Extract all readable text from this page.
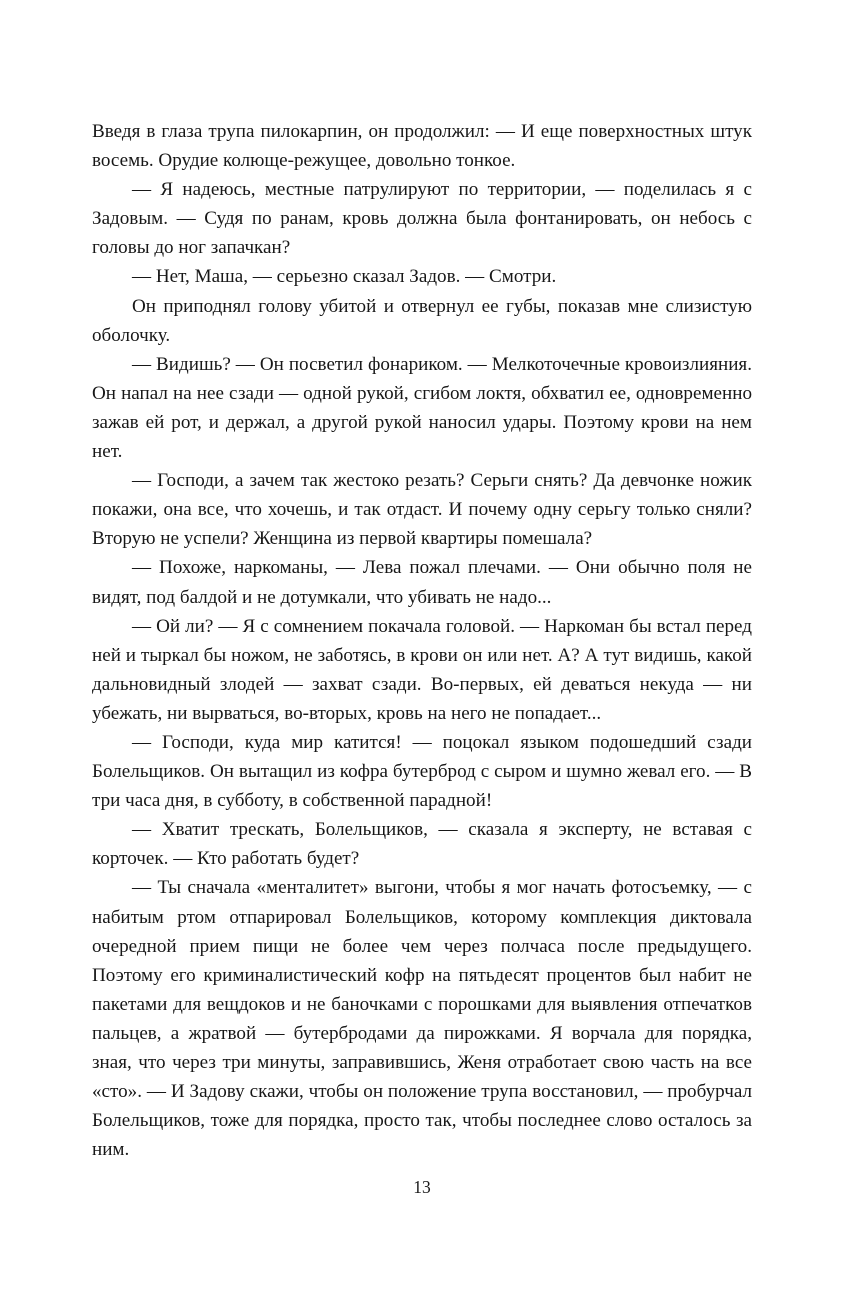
Введя в глаза трупа пилокарпин, он продолжил: — И еще поверхностных штук восемь. Орудие колюще-режущее, довольно тонкое.

— Я надеюсь, местные патрулируют по территории, — поделилась я с Задовым. — Судя по ранам, кровь должна была фонтанировать, он небось с головы до ног запачкан?

— Нет, Маша, — серьезно сказал Задов. — Смотри.

Он приподнял голову убитой и отвернул ее губы, показав мне слизистую оболочку.

— Видишь? — Он посветил фонариком. — Мелкоточечные кровоизлияния. Он напал на нее сзади — одной рукой, сгибом локтя, обхватил ее, одновременно зажав ей рот, и держал, а другой рукой наносил удары. Поэтому крови на нем нет.

— Господи, а зачем так жестоко резать? Серьги снять? Да девчонке ножик покажи, она все, что хочешь, и так отдаст. И почему одну серьгу только сняли? Вторую не успели? Женщина из первой квартиры помешала?

— Похоже, наркоманы, — Лева пожал плечами. — Они обычно поля не видят, под балдой и не дотумкали, что убивать не надо...

— Ой ли? — Я с сомнением покачала головой. — Наркоман бы встал перед ней и тыркал бы ножом, не заботясь, в крови он или нет. А? А тут видишь, какой дальновидный злодей — захват сзади. Во-первых, ей деваться некуда — ни убежать, ни вырваться, во-вторых, кровь на него не попадает...

— Господи, куда мир катится! — поцокал языком подошедший сзади Болельщиков. Он вытащил из кофра бутерброд с сыром и шумно жевал его. — В три часа дня, в субботу, в собственной парадной!

— Хватит трескать, Болельщиков, — сказала я эксперту, не вставая с корточек. — Кто работать будет?

— Ты сначала «менталитет» выгони, чтобы я мог начать фотосъемку, — с набитым ртом отпарировал Болельщиков, которому комплекция диктовала очередной прием пищи не более чем через полчаса после предыдущего. Поэтому его криминалистический кофр на пятьдесят процентов был набит не пакетами для вещдоков и не баночками с порошками для выявления отпечатков пальцев, а жратвой — бутербродами да пирожками. Я ворчала для порядка, зная, что через три минуты, заправившись, Женя отработает свою часть на все «сто». — И Задову скажи, чтобы он положение трупа восстановил, — пробурчал Болельщиков, тоже для порядка, просто так, чтобы последнее слово осталось за ним.

13
